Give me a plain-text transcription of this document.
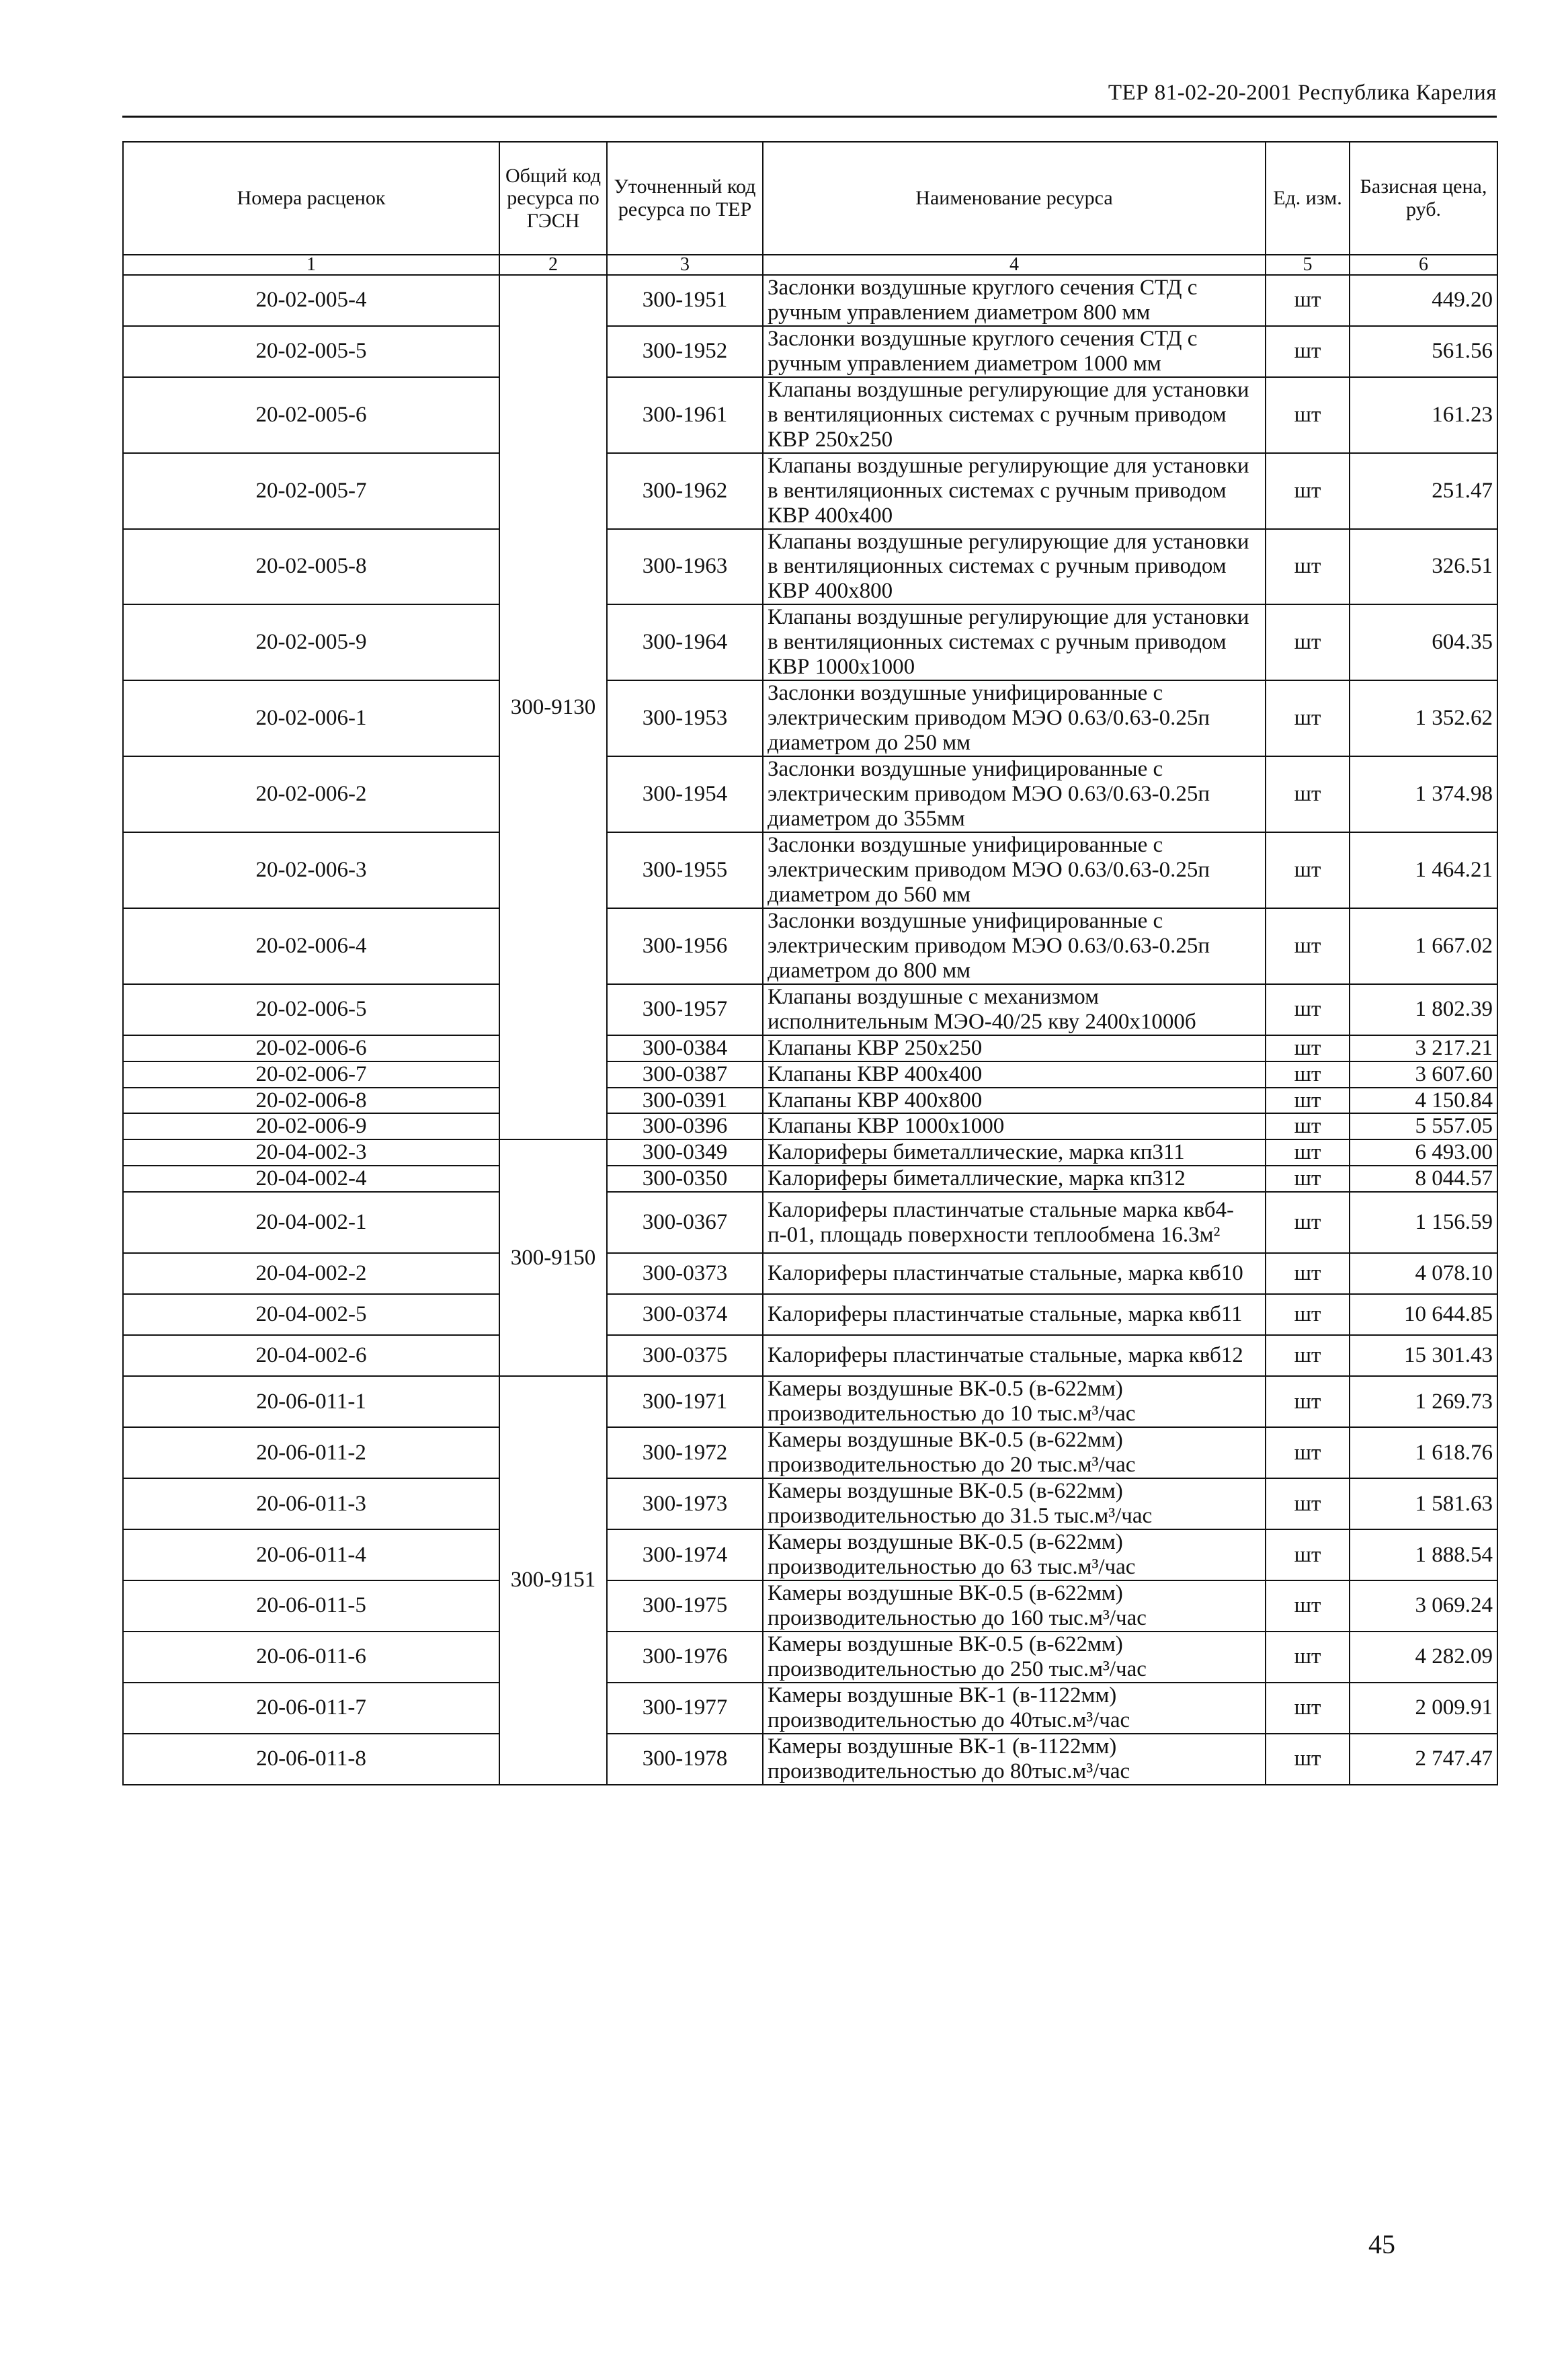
ТЕР 81-02-20-2001 Республика Карелия
Номера расценок	Общий код ресурса по ГЭСН	Уточненный код ресурса по ТЕР	Наименование ресурса	Ед. изм.	Базисная цена, руб.
1	2	3	4	5	6
20-02-005-4	300-9130	300-1951	Заслонки воздушные круглого сечения СТД с ручным управлением диаметром 800 мм	шт	449.20
20-02-005-5		300-1952	Заслонки воздушные круглого сечения СТД с ручным управлением диаметром 1000 мм	шт	561.56
20-02-005-6		300-1961	Клапаны воздушные регулирующие для установки в вентиляционных системах с ручным приводом КВР 250х250	шт	161.23
20-02-005-7		300-1962	Клапаны воздушные регулирующие для установки в вентиляционных системах с ручным приводом КВР 400х400	шт	251.47
20-02-005-8		300-1963	Клапаны воздушные регулирующие для установки в вентиляционных системах с ручным приводом КВР 400х800	шт	326.51
20-02-005-9		300-1964	Клапаны воздушные регулирующие для установки в вентиляционных системах с ручным приводом КВР 1000х1000	шт	604.35
20-02-006-1		300-1953	Заслонки воздушные унифицированные с электрическим приводом МЭО 0.63/0.63-0.25п диаметром до 250 мм	шт	1 352.62
20-02-006-2		300-1954	Заслонки воздушные унифицированные с электрическим приводом МЭО 0.63/0.63-0.25п диаметром до 355мм	шт	1 374.98
20-02-006-3		300-1955	Заслонки воздушные унифицированные с электрическим приводом МЭО 0.63/0.63-0.25п диаметром до 560 мм	шт	1 464.21
20-02-006-4		300-1956	Заслонки воздушные унифицированные с электрическим приводом МЭО 0.63/0.63-0.25п диаметром до 800 мм	шт	1 667.02
20-02-006-5		300-1957	Клапаны воздушные с механизмом исполнительным МЭО-40/25 кву 2400х1000б	шт	1 802.39
20-02-006-6		300-0384	Клапаны КВР 250х250	шт	3 217.21
20-02-006-7		300-0387	Клапаны КВР 400х400	шт	3 607.60
20-02-006-8		300-0391	Клапаны КВР 400х800	шт	4 150.84
20-02-006-9		300-0396	Клапаны КВР 1000х1000	шт	5 557.05
20-04-002-3	300-9150	300-0349	Калориферы биметаллические, марка кп311	шт	6 493.00
20-04-002-4		300-0350	Калориферы биметаллические, марка кп312	шт	8 044.57
20-04-002-1		300-0367	Калориферы пластинчатые стальные марка квб4-п-01, площадь поверхности теплообмена 16.3м²	шт	1 156.59
20-04-002-2		300-0373	Калориферы пластинчатые стальные, марка квб10	шт	4 078.10
20-04-002-5		300-0374	Калориферы пластинчатые стальные, марка квб11	шт	10 644.85
20-04-002-6		300-0375	Калориферы пластинчатые стальные, марка квб12	шт	15 301.43
20-06-011-1	300-9151	300-1971	Камеры воздушные ВК-0.5 (в-622мм) производительностью до 10 тыс.м³/час	шт	1 269.73
20-06-011-2		300-1972	Камеры воздушные ВК-0.5 (в-622мм) производительностью до 20 тыс.м³/час	шт	1 618.76
20-06-011-3		300-1973	Камеры воздушные ВК-0.5 (в-622мм) производительностью до 31.5 тыс.м³/час	шт	1 581.63
20-06-011-4		300-1974	Камеры воздушные ВК-0.5 (в-622мм) производительностью до 63 тыс.м³/час	шт	1 888.54
20-06-011-5		300-1975	Камеры воздушные ВК-0.5 (в-622мм) производительностью до 160 тыс.м³/час	шт	3 069.24
20-06-011-6		300-1976	Камеры воздушные ВК-0.5 (в-622мм) производительностью до 250 тыс.м³/час	шт	4 282.09
20-06-011-7		300-1977	Камеры воздушные ВК-1 (в-1122мм) производительностью до 40тыс.м³/час	шт	2 009.91
20-06-011-8		300-1978	Камеры воздушные ВК-1 (в-1122мм) производительностью до 80тыс.м³/час	шт	2 747.47
45
